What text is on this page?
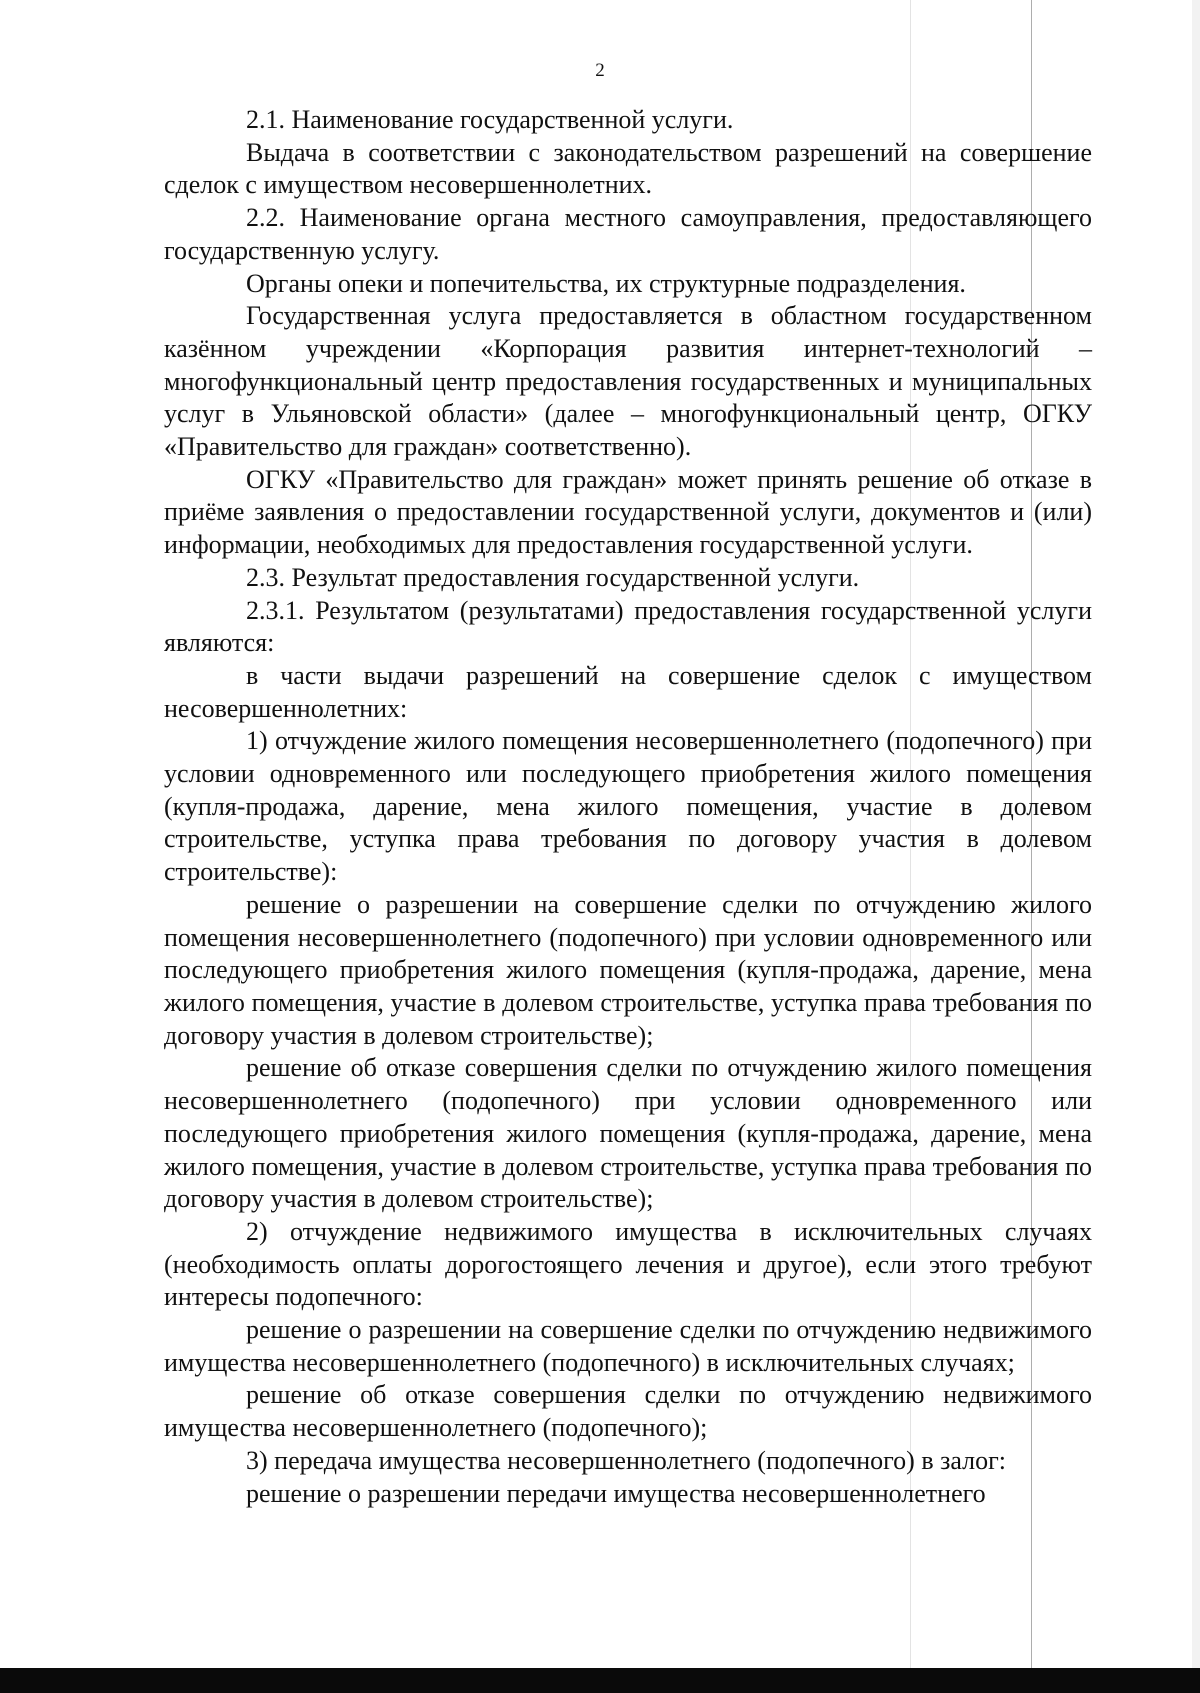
2

2.1. Наименование государственной услуги.

Выдача в соответствии с законодательством разрешений на совершение сделок с имуществом несовершеннолетних.

2.2. Наименование органа местного самоуправления, предоставляющего государственную услугу.

Органы опеки и попечительства, их структурные подразделения.

Государственная услуга предоставляется в областном государственном казённом учреждении «Корпорация развития интернет-технологий – многофункциональный центр предоставления государственных и муниципальных услуг в Ульяновской области» (далее – многофункциональный центр, ОГКУ «Правительство для граждан» соответственно).

ОГКУ «Правительство для граждан» может принять решение об отказе в приёме заявления о предоставлении государственной услуги, документов и (или) информации, необходимых для предоставления государственной услуги.

2.3. Результат предоставления государственной услуги.

2.3.1. Результатом (результатами) предоставления государственной услуги являются:

в части выдачи разрешений на совершение сделок с имуществом несовершеннолетних:

1) отчуждение жилого помещения несовершеннолетнего (подопечного) при условии одновременного или последующего приобретения жилого помещения (купля-продажа, дарение, мена жилого помещения, участие в долевом строительстве, уступка права требования по договору участия в долевом строительстве):

решение о разрешении на совершение сделки по отчуждению жилого помещения несовершеннолетнего (подопечного) при условии одновременного или последующего приобретения жилого помещения (купля-продажа, дарение, мена жилого помещения, участие в долевом строительстве, уступка права требования по договору участия в долевом строительстве);

решение об отказе совершения сделки по отчуждению жилого помещения несовершеннолетнего (подопечного) при условии одновременного или последующего приобретения жилого помещения (купля-продажа, дарение, мена жилого помещения, участие в долевом строительстве, уступка права требования по договору участия в долевом строительстве);

2) отчуждение недвижимого имущества в исключительных случаях (необходимость оплаты дорогостоящего лечения и другое), если этого требуют интересы подопечного:

решение о разрешении на совершение сделки по отчуждению недвижимого имущества несовершеннолетнего (подопечного) в исключительных случаях;

решение об отказе совершения сделки по отчуждению недвижимого имущества несовершеннолетнего (подопечного);

3) передача имущества несовершеннолетнего (подопечного) в залог:

решение о разрешении передачи имущества несовершеннолетнего
